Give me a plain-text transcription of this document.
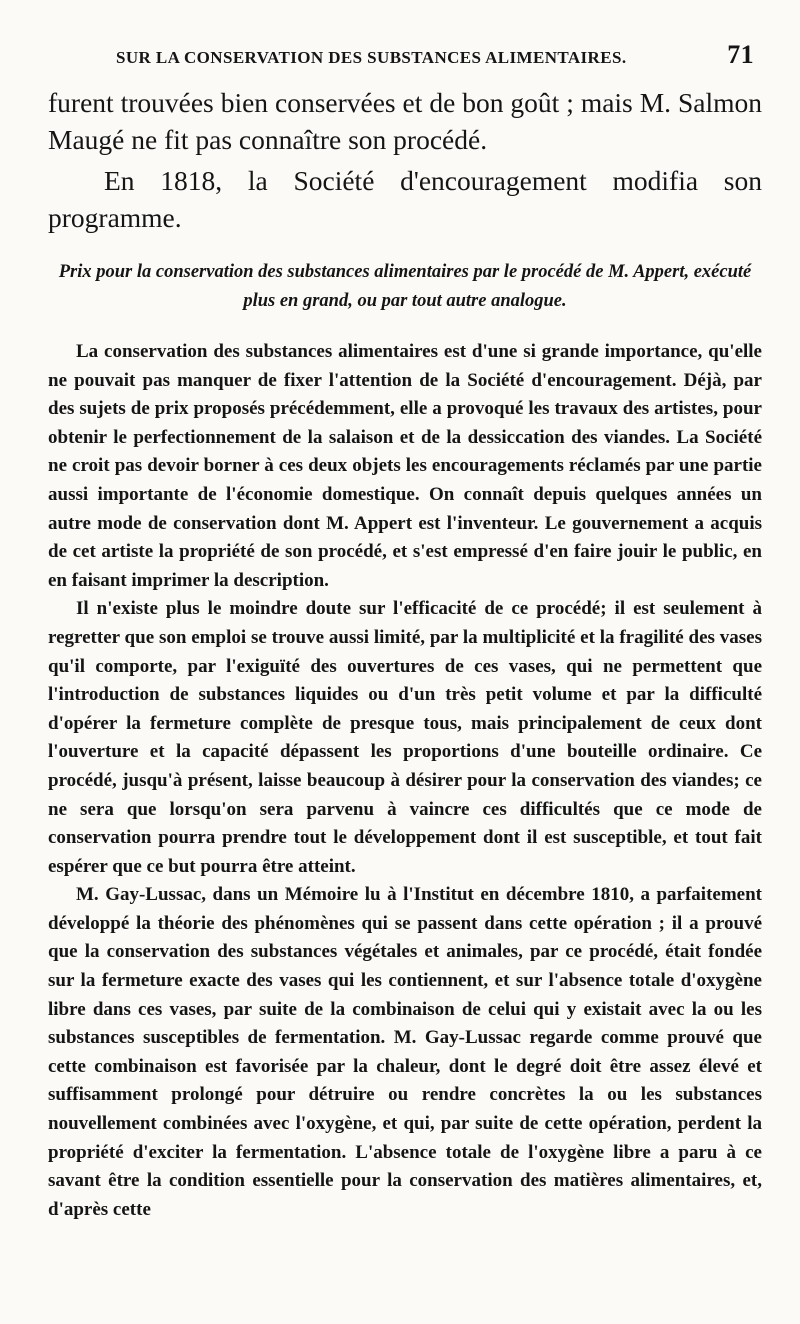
SUR LA CONSERVATION DES SUBSTANCES ALIMENTAIRES.	71

furent trouvées bien conservées et de bon goût ; mais M. Salmon Maugé ne fit pas connaître son procédé.

En 1818, la Société d'encouragement modifia son programme.

Prix pour la conservation des substances alimentaires par le procédé de M. Appert, exécuté plus en grand, ou par tout autre analogue.

La conservation des substances alimentaires est d'une si grande importance, qu'elle ne pouvait pas manquer de fixer l'attention de la Société d'encouragement. Déjà, par des sujets de prix proposés précédemment, elle a provoqué les travaux des artistes, pour obtenir le perfectionnement de la salaison et de la dessiccation des viandes. La Société ne croit pas devoir borner à ces deux objets les encouragements réclamés par une partie aussi importante de l'économie domestique. On connaît depuis quelques années un autre mode de conservation dont M. Appert est l'inventeur. Le gouvernement a acquis de cet artiste la propriété de son procédé, et s'est empressé d'en faire jouir le public, en en faisant imprimer la description.

Il n'existe plus le moindre doute sur l'efficacité de ce procédé; il est seulement à regretter que son emploi se trouve aussi limité, par la multiplicité et la fragilité des vases qu'il comporte, par l'exiguïté des ouvertures de ces vases, qui ne permettent que l'introduction de substances liquides ou d'un très petit volume et par la difficulté d'opérer la fermeture complète de presque tous, mais principalement de ceux dont l'ouverture et la capacité dépassent les proportions d'une bouteille ordinaire. Ce procédé, jusqu'à présent, laisse beaucoup à désirer pour la conservation des viandes; ce ne sera que lorsqu'on sera parvenu à vaincre ces difficultés que ce mode de conservation pourra prendre tout le développement dont il est susceptible, et tout fait espérer que ce but pourra être atteint.

M. Gay-Lussac, dans un Mémoire lu à l'Institut en décembre 1810, a parfaitement développé la théorie des phénomènes qui se passent dans cette opération ; il a prouvé que la conservation des substances végétales et animales, par ce procédé, était fondée sur la fermeture exacte des vases qui les contiennent, et sur l'absence totale d'oxygène libre dans ces vases, par suite de la combinaison de celui qui y existait avec la ou les substances susceptibles de fermentation. M. Gay-Lussac regarde comme prouvé que cette combinaison est favorisée par la chaleur, dont le degré doit être assez élevé et suffisamment prolongé pour détruire ou rendre concrètes la ou les substances nouvellement combinées avec l'oxygène, et qui, par suite de cette opération, perdent la propriété d'exciter la fermentation. L'absence totale de l'oxygène libre a paru à ce savant être la condition essentielle pour la conservation des matières alimentaires, et, d'après cette
